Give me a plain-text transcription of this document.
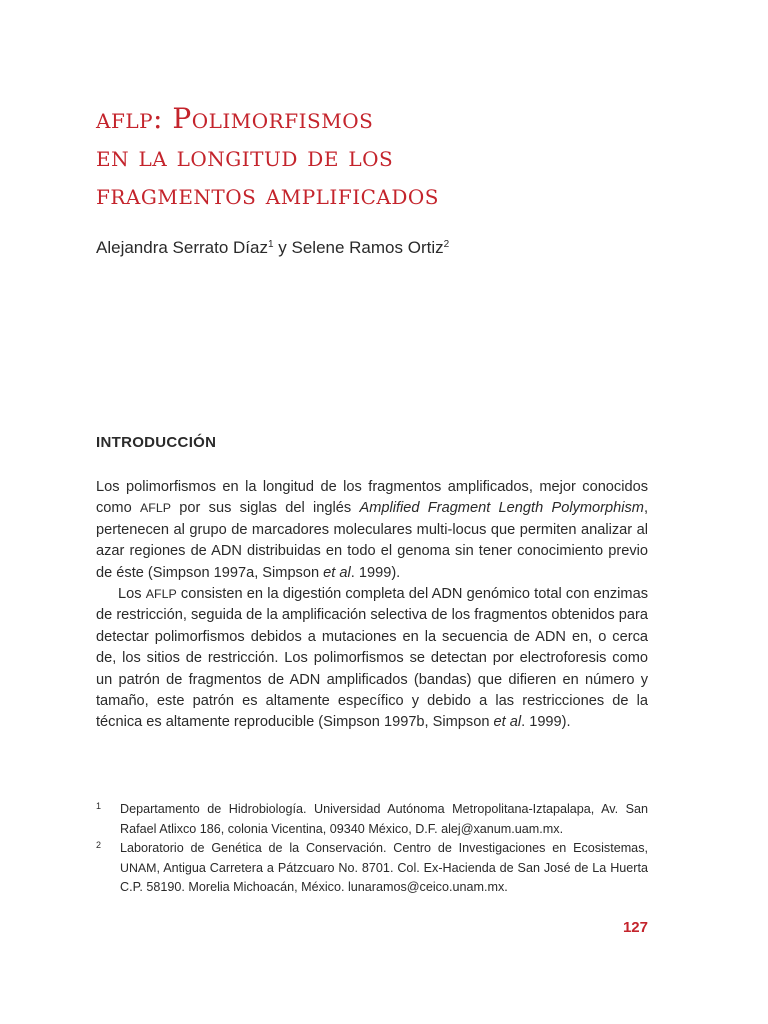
aflp: Polimorfismos
en la longitud de los
fragmentos amplificados

Alejandra Serrato Díaz$^1$ y Selene Ramos Ortiz$^2$

INTRODUCCIÓN

Los polimorfismos en la longitud de los fragmentos amplificados, mejor conocidos como AFLP por sus siglas del inglés Amplified Fragment Length Polymorphism, pertenecen al grupo de marcadores moleculares multi-locus que permiten analizar al azar regiones de ADN distribuidas en todo el genoma sin tener conocimiento previo de éste (Simpson 1997a, Simpson et al. 1999).

Los AFLP consisten en la digestión completa del ADN genómico total con enzimas de restricción, seguida de la amplificación selectiva de los fragmentos obtenidos para detectar polimorfismos debidos a mutaciones en la secuencia de ADN en, o cerca de, los sitios de restricción. Los polimorfismos se detectan por electroforesis como un patrón de fragmentos de ADN amplificados (bandas) que difieren en número y tamaño, este patrón es altamente específico y debido a las restricciones de la técnica es altamente reproducible (Simpson 1997b, Simpson et al. 1999).

1 Departamento de Hidrobiología. Universidad Autónoma Metropolitana-Iztapalapa, Av. San Rafael Atlixco 186, colonia Vicentina, 09340 México, D.F. alej@xanum.uam.mx.
2 Laboratorio de Genética de la Conservación. Centro de Investigaciones en Ecosistemas, UNAM, Antigua Carretera a Pátzcuaro No. 8701. Col. Ex-Hacienda de San José de La Huerta C.P. 58190. Morelia Michoacán, México. lunaramos@ceico.unam.mx.
127
